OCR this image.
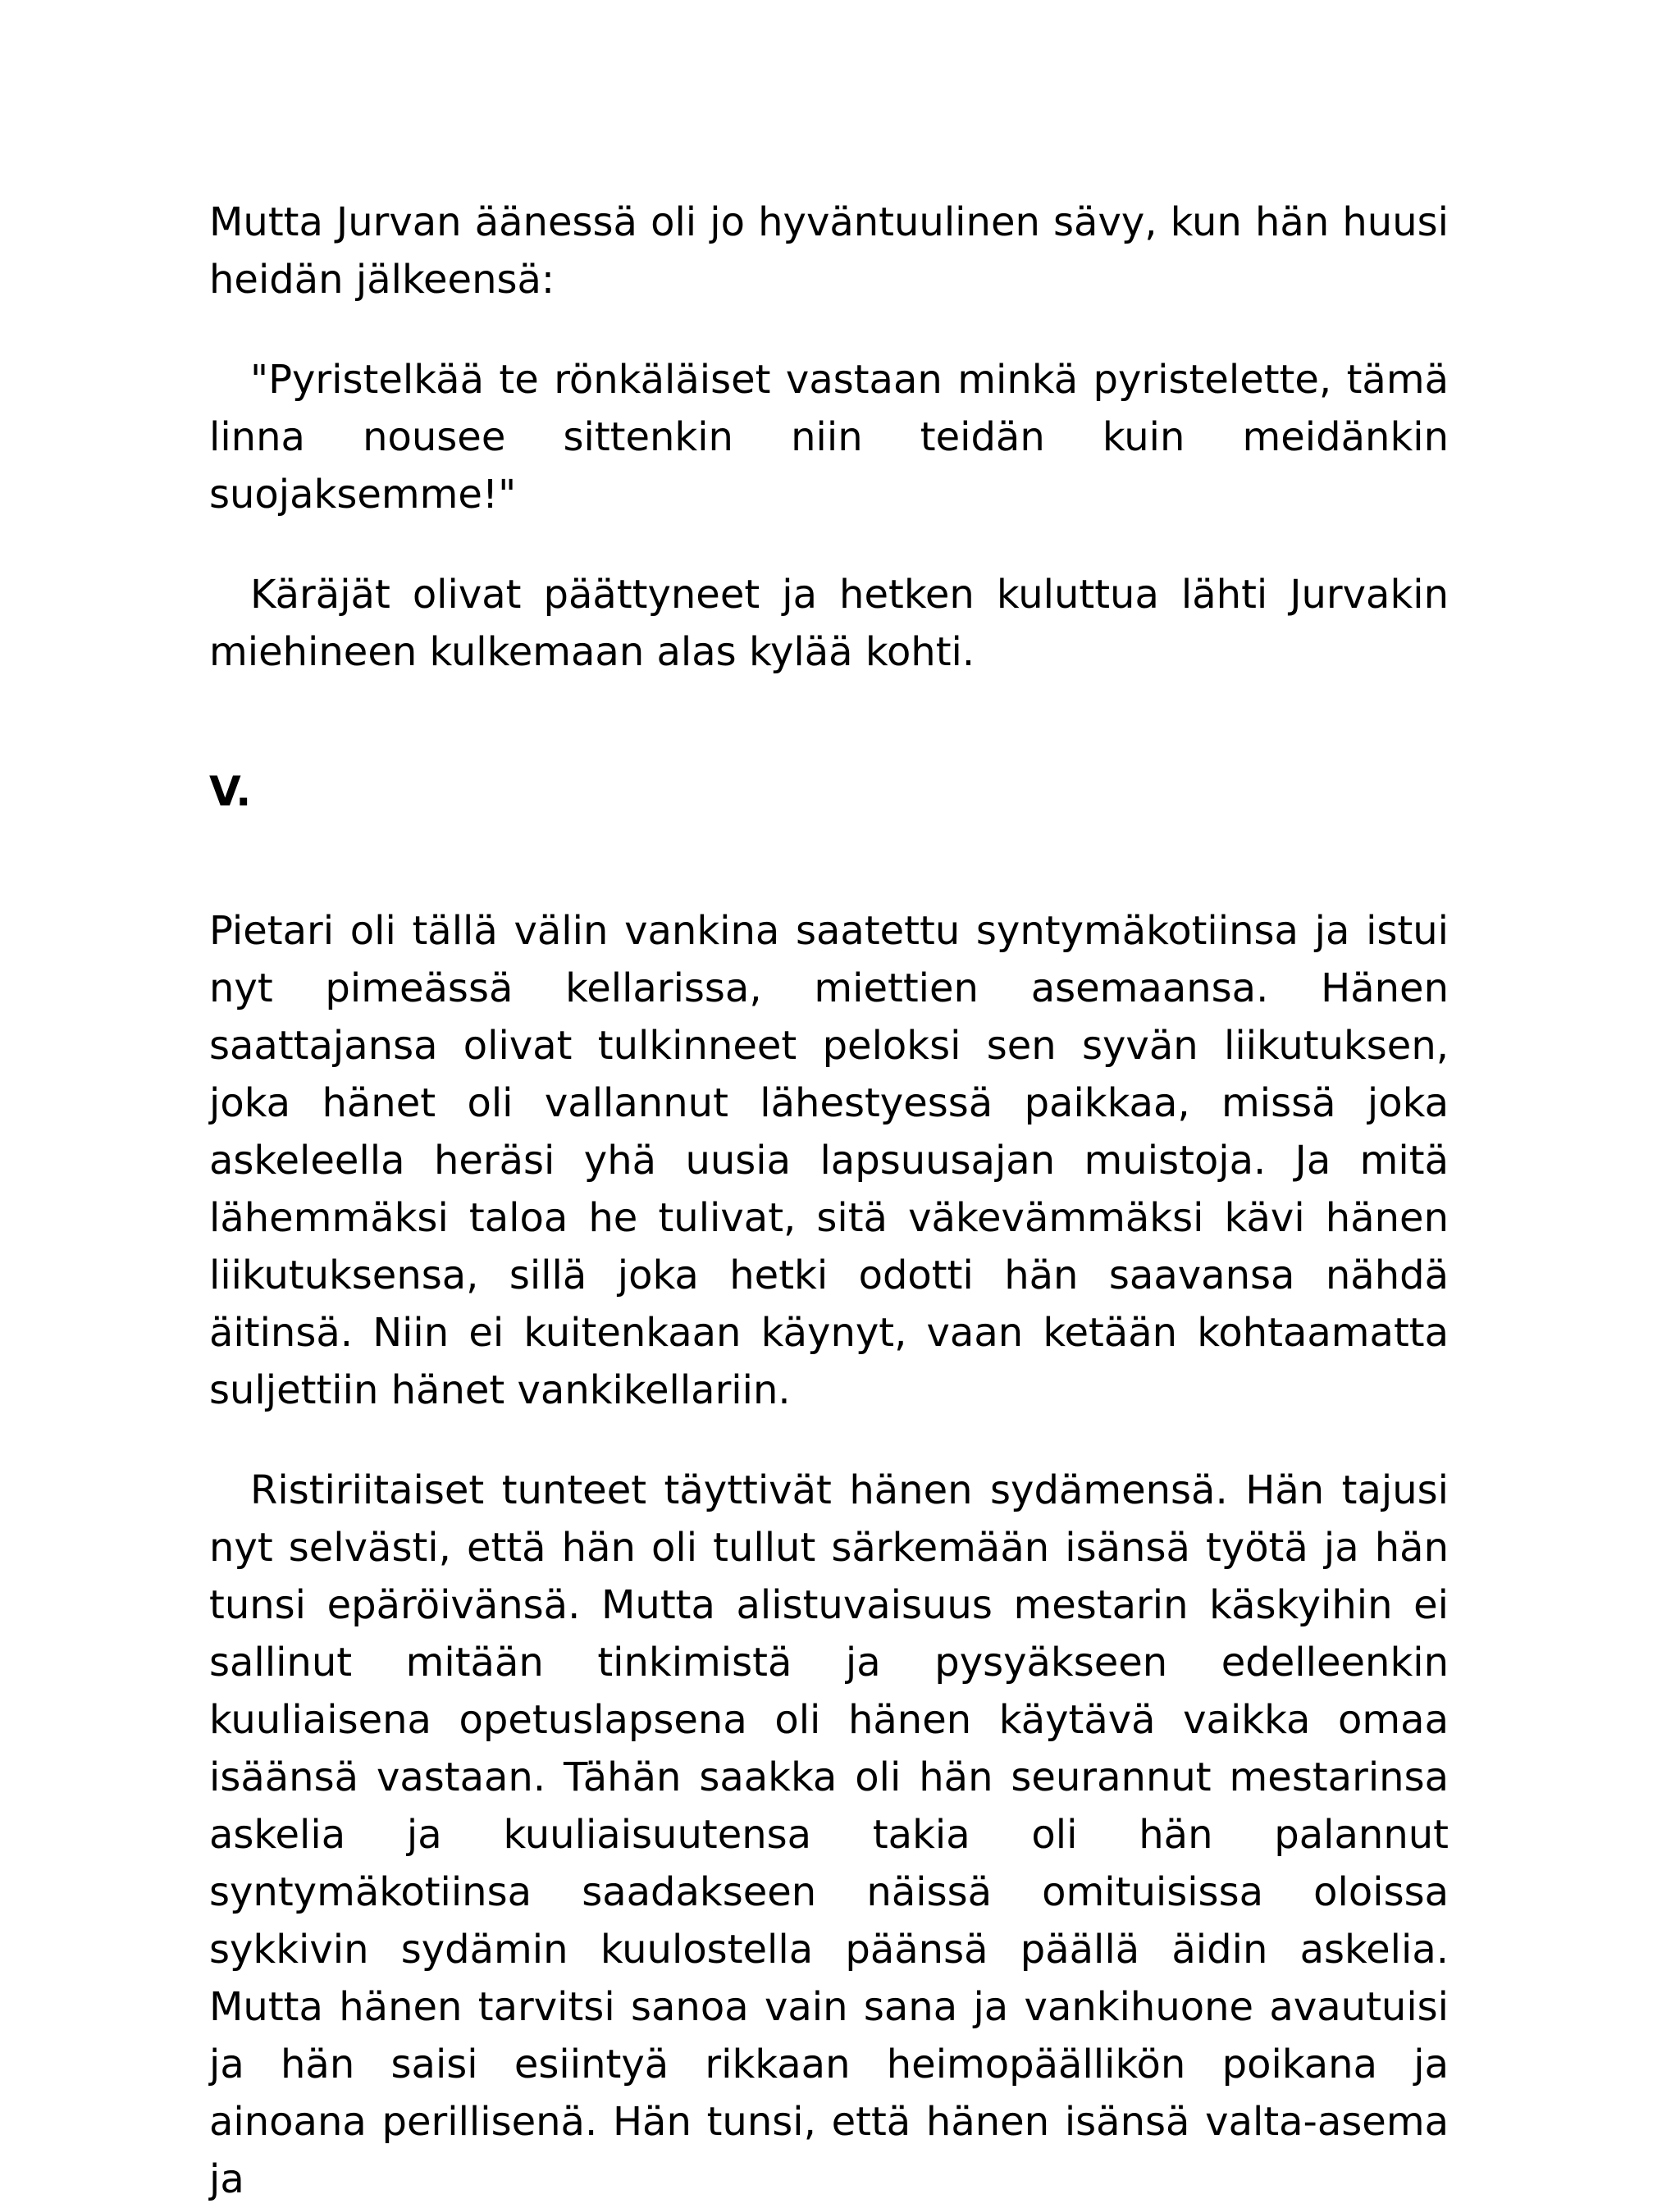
Mutta Jurvan äänessä oli jo hyväntuulinen sävy, kun hän huusi heidän jälkeensä:

"Pyristelkää te rönkäläiset vastaan minkä pyristelette, tämä linna nousee sittenkin niin teidän kuin meidänkin suojaksemme!"

Käräjät olivat päättyneet ja hetken kuluttua lähti Jurvakin miehineen kulkemaan alas kylää kohti.

V.

Pietari oli tällä välin vankina saatettu syntymäkotiinsa ja istui nyt pimeässä kellarissa, miettien asemaansa. Hänen saattajansa olivat tulkinneet peloksi sen syvän liikutuksen, joka hänet oli vallannut lähestyessä paikkaa, missä joka askeleella heräsi yhä uusia lapsuusajan muistoja. Ja mitä lähemmäksi taloa he tulivat, sitä väkevämmäksi kävi hänen liikutuksensa, sillä joka hetki odotti hän saavansa nähdä äitinsä. Niin ei kuitenkaan käynyt, vaan ketään kohtaamatta suljettiin hänet vankikellariin.

Ristiriitaiset tunteet täyttivät hänen sydämensä. Hän tajusi nyt selvästi, että hän oli tullut särkemään isänsä työtä ja hän tunsi epäröivänsä. Mutta alistuvaisuus mestarin käskyihin ei sallinut mitään tinkimistä ja pysyäkseen edelleenkin kuuliaisena opetuslapsena oli hänen käytävä vaikka omaa isäänsä vastaan. Tähän saakka oli hän seurannut mestarinsa askelia ja kuuliaisuutensa takia oli hän palannut syntymäkotiinsa saadakseen näissä omituisissa oloissa sykkivin sydämin kuulostella päänsä päällä äidin askelia. Mutta hänen tarvitsi sanoa vain sana ja vankihuone avautuisi ja hän saisi esiintyä rikkaan heimopäällikön poikana ja ainoana perillisenä. Hän tunsi, että hänen isänsä valta-asema ja
